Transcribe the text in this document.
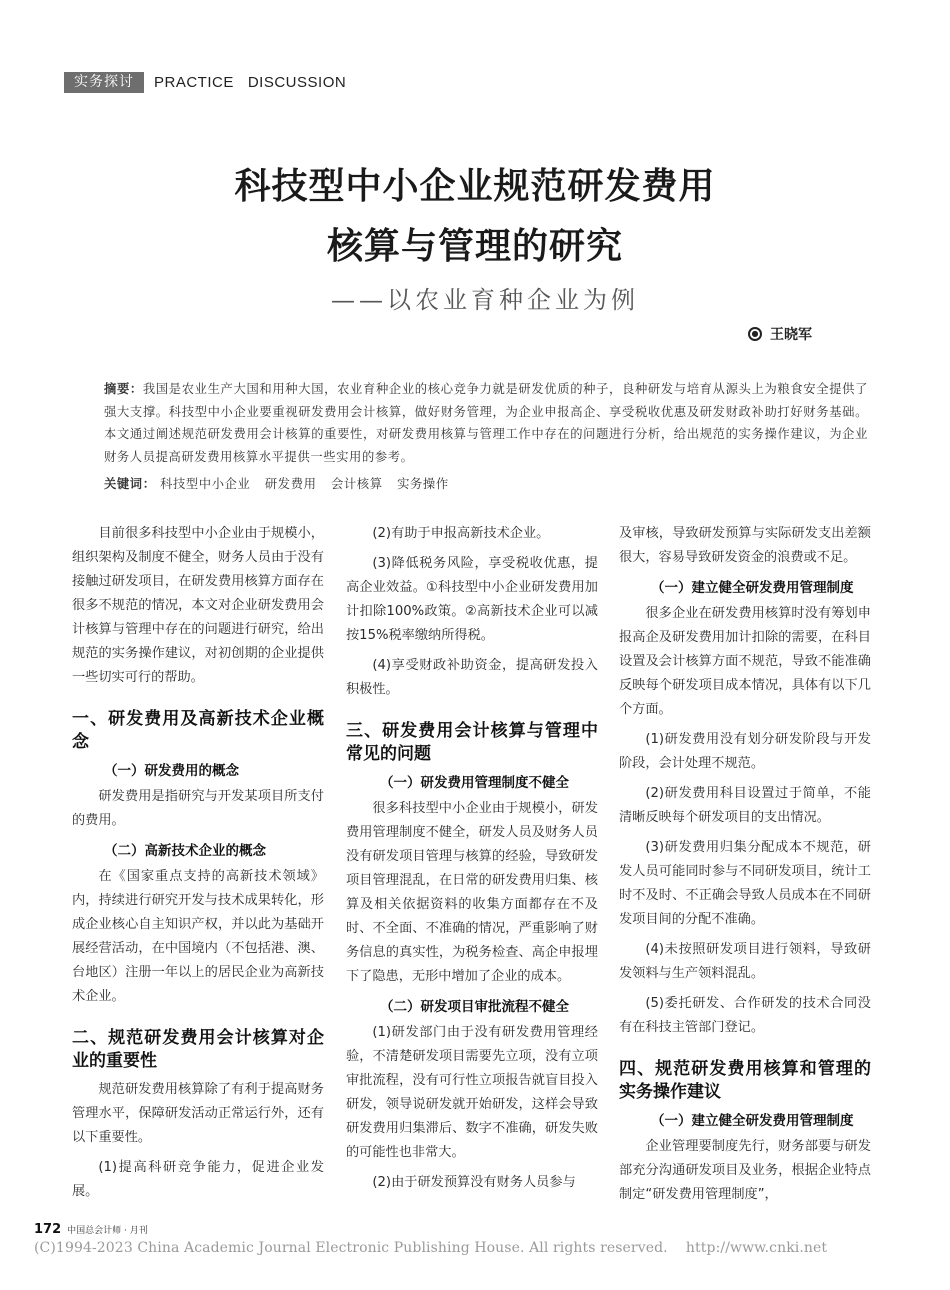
实务探讨	PRACTICE   DISCUSSION
科技型中小企业规范研发费用
核算与管理的研究
——以农业育种企业为例
● 王晓军
摘要：我国是农业生产大国和用种大国，农业育种企业的核心竞争力就是研发优质的种子，良种研发与培育从源头上为粮食安全提供了强大支撑。科技型中小企业要重视研发费用会计核算，做好财务管理，为企业申报高企、享受税收优惠及研发财政补助打好财务基础。本文通过阐述规范研发费用会计核算的重要性，对研发费用核算与管理工作中存在的问题进行分析，给出规范的实务操作建议，为企业财务人员提高研发费用核算水平提供一些实用的参考。
关键词： 科技型中小企业 研发费用 会计核算 实务操作

目前很多科技型中小企业由于规模小，组织架构及制度不健全，财务人员由于没有接触过研发项目，在研发费用核算方面存在很多不规范的情况，本文对企业研发费用会计核算与管理中存在的问题进行研究，给出规范的实务操作建议，对初创期的企业提供一些切实可行的帮助。

一、研发费用及高新技术企业概念
（一）研发费用的概念

研发费用是指研究与开发某项目所支付的费用。

（二）高新技术企业的概念

在《国家重点支持的高新技术领域》内，持续进行研究开发与技术成果转化，形成企业核心自主知识产权，并以此为基础开展经营活动，在中国境内（不包括港、澳、台地区）注册一年以上的居民企业为高新技术企业。

二、规范研发费用会计核算对企业的重要性

规范研发费用核算除了有利于提高财务管理水平，保障研发活动正常运行外，还有以下重要性。

(1)提高科研竞争能力，促进企业发展。

(2)有助于申报高新技术企业。

(3)降低税务风险，享受税收优惠，提高企业效益。①科技型中小企业研发费用加计扣除100%政策。②高新技术企业可以减按15%税率缴纳所得税。

(4)享受财政补助资金，提高研发投入积极性。

三、研发费用会计核算与管理中常见的问题
（一）研发费用管理制度不健全

很多科技型中小企业由于规模小，研发费用管理制度不健全，研发人员及财务人员没有研发项目管理与核算的经验，导致研发项目管理混乱，在日常的研发费用归集、核算及相关依据资料的收集方面都存在不及时、不全面、不准确的情况，严重影响了财务信息的真实性，为税务检查、高企申报埋下了隐患，无形中增加了企业的成本。

（二）研发项目审批流程不健全

(1)研发部门由于没有研发费用管理经验，不清楚研发项目需要先立项，没有立项审批流程，没有可行性立项报告就盲目投入研发，领导说研发就开始研发，这样会导致研发费用归集滞后、数字不准确，研发失败的可能性也非常大。

(2)由于研发预算没有财务人员参与

及审核，导致研发预算与实际研发支出差额很大，容易导致研发资金的浪费或不足。

（一）建立健全研发费用管理制度

很多企业在研发费用核算时没有筹划申报高企及研发费用加计扣除的需要，在科目设置及会计核算方面不规范，导致不能准确反映每个研发项目成本情况，具体有以下几个方面。

(1)研发费用没有划分研发阶段与开发阶段，会计处理不规范。

(2)研发费用科目设置过于简单，不能清晰反映每个研发项目的支出情况。

(3)研发费用归集分配成本不规范，研发人员可能同时参与不同研发项目，统计工时不及时、不正确会导致人员成本在不同研发项目间的分配不准确。

(4)未按照研发项目进行领料，导致研发领料与生产领料混乱。

(5)委托研发、合作研发的技术合同没有在科技主管部门登记。

四、规范研发费用核算和管理的实务操作建议
（一）建立健全研发费用管理制度

企业管理要制度先行，财务部要与研发部充分沟通研发项目及业务，根据企业特点制定“研发费用管理制度”，

172 中国总会计师 · 月刊
(C)1994-2023 China Academic Journal Electronic Publishing House. All rights reserved.    http://www.cnki.net
